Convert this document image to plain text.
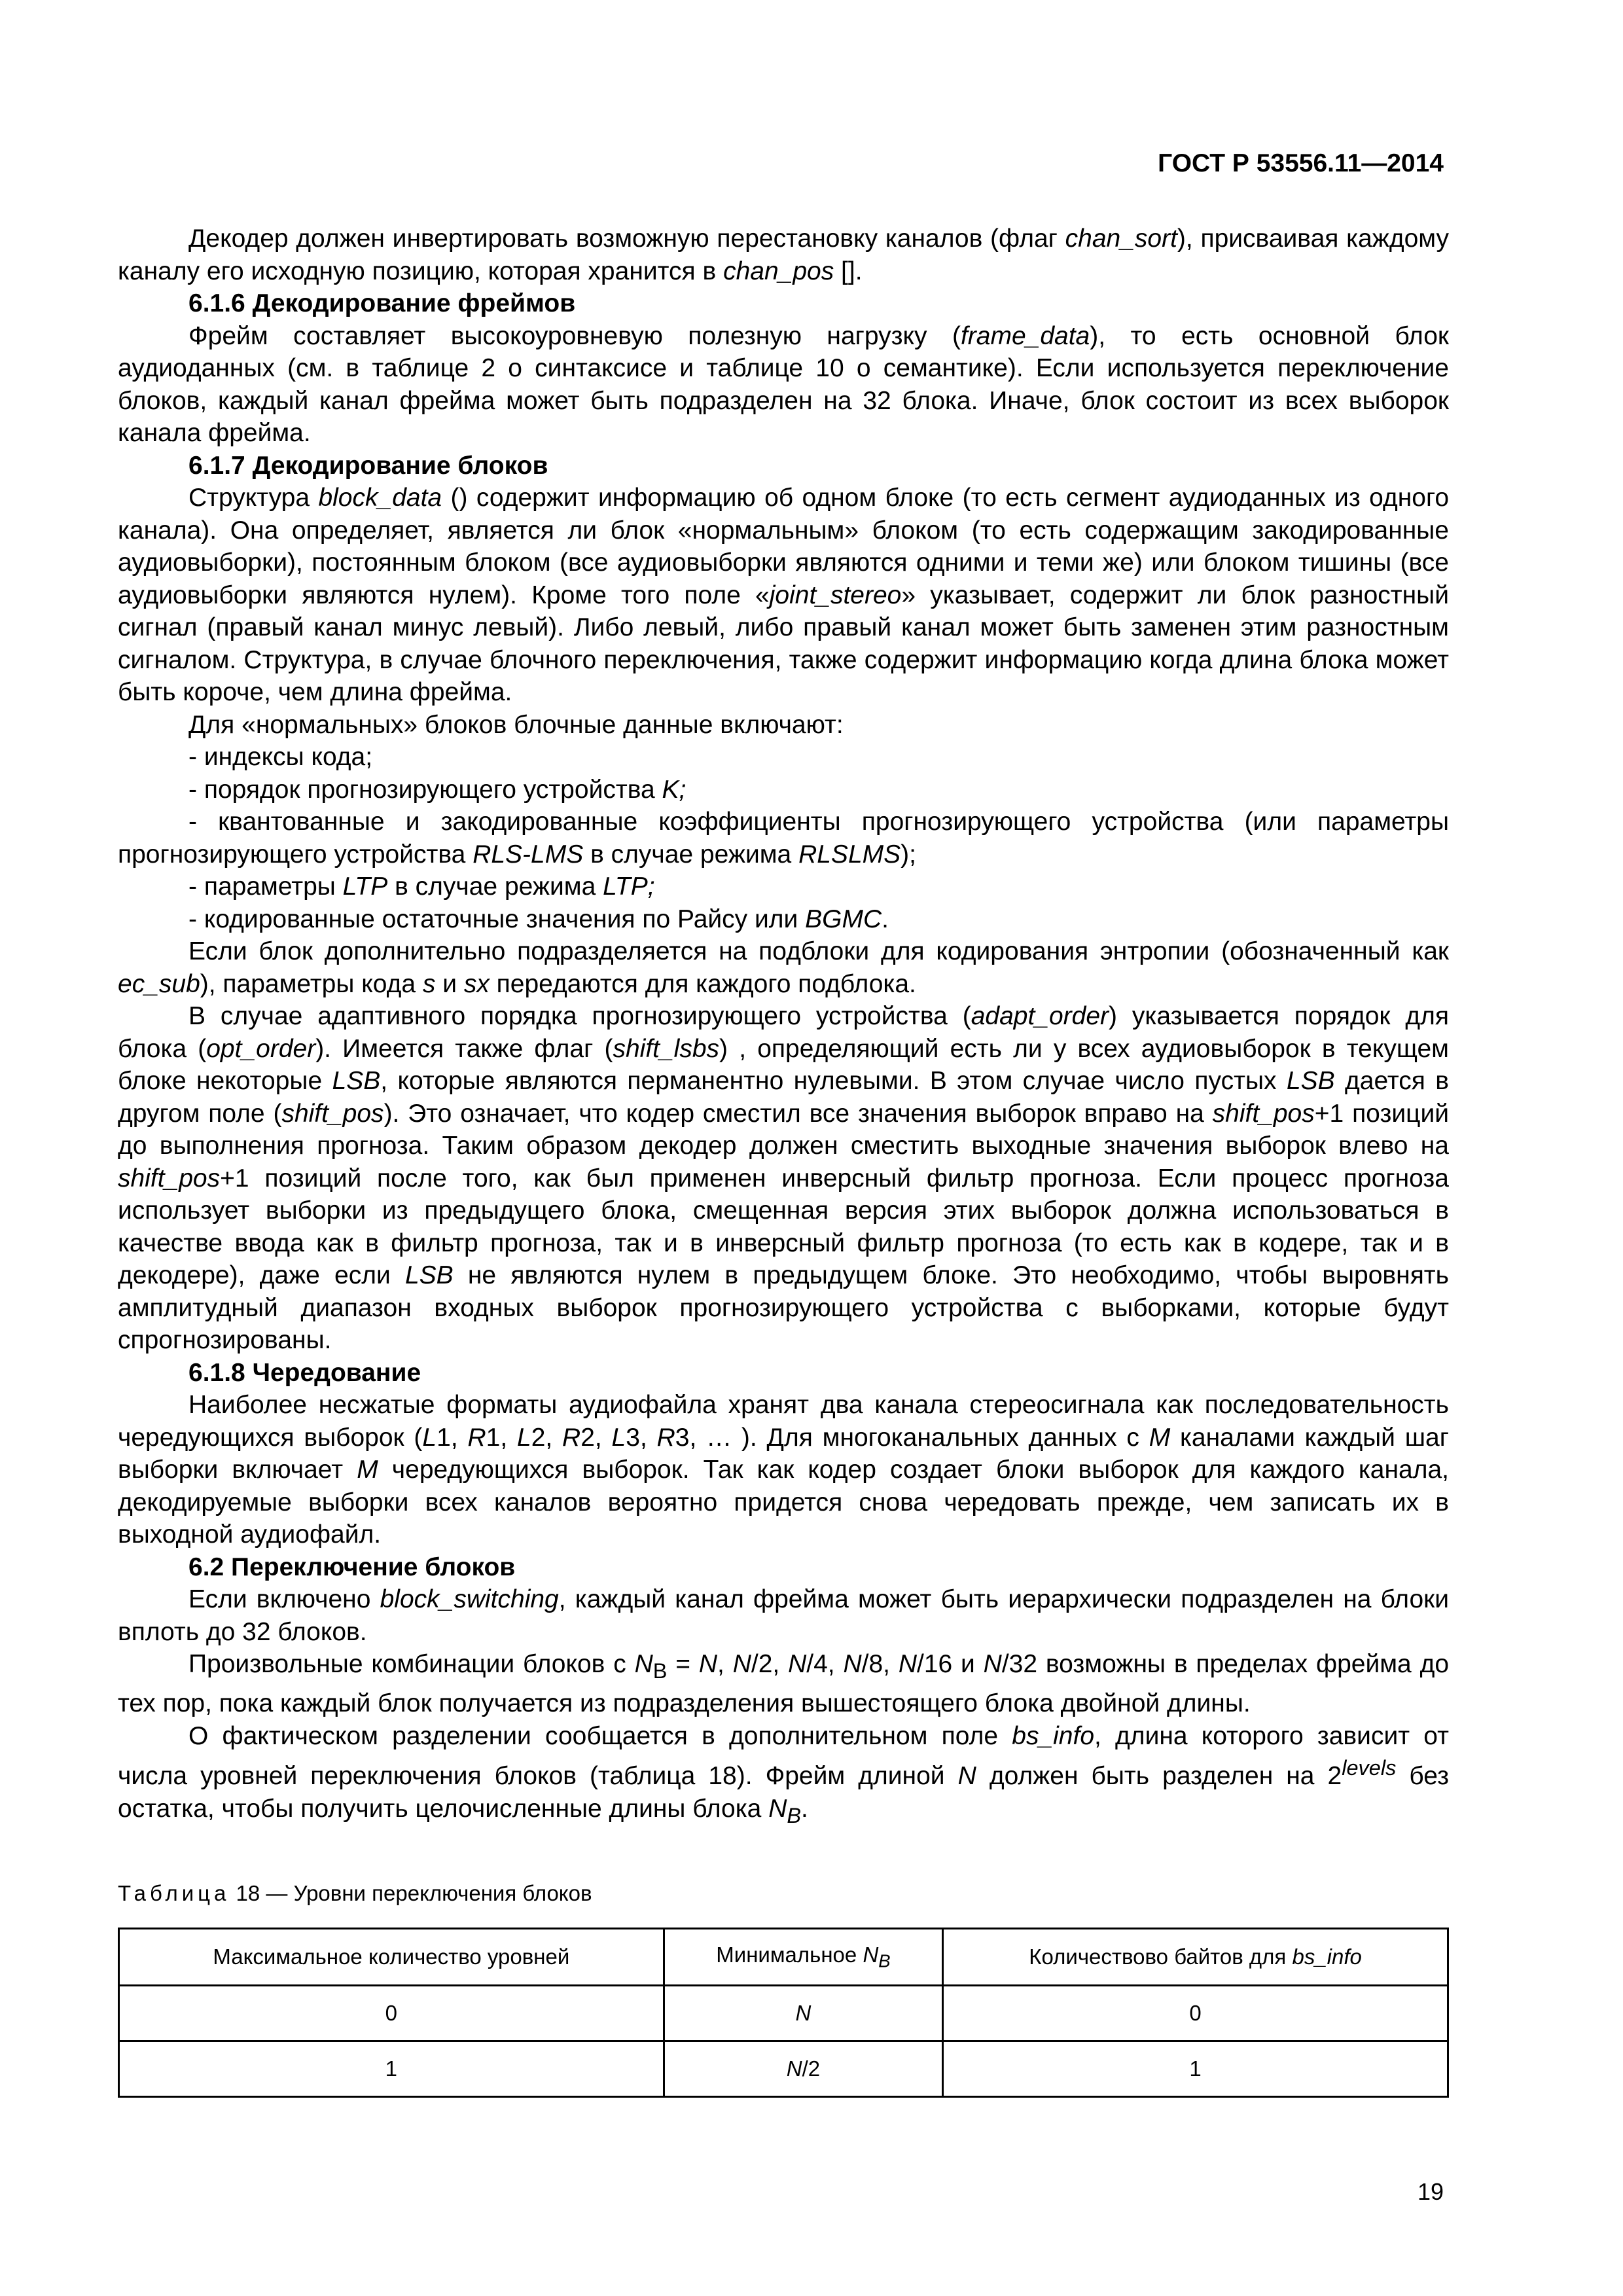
ГОСТ Р 53556.11—2014

Декодер должен инвертировать возможную перестановку каналов (флаг chan_sort), присваивая каждому каналу его исходную позицию, которая хранится в chan_pos [].

6.1.6 Декодирование фреймов

Фрейм составляет высокоуровневую полезную нагрузку (frame_data), то есть основной блок аудиоданных (см. в таблице 2 о синтаксисе и таблице 10 о семантике). Если используется переключение блоков, каждый канал фрейма может быть подразделен на 32 блока. Иначе, блок состоит из всех выборок канала фрейма.

6.1.7 Декодирование блоков

Структура block_data () содержит информацию об одном блоке (то есть сегмент аудиоданных из одного канала). Она определяет, является ли блок «нормальным» блоком (то есть содержащим закодированные аудиовыборки), постоянным блоком (все аудиовыборки являются одними и теми же) или блоком тишины (все аудиовыборки являются нулем). Кроме того поле «joint_stereo» указывает, содержит ли блок разностный сигнал (правый канал минус левый). Либо левый, либо правый канал может быть заменен этим разностным сигналом. Структура, в случае блочного переключения, также содержит информацию когда длина блока может быть короче, чем длина фрейма.

Для «нормальных» блоков блочные данные включают:

- индексы кода;

- порядок прогнозирующего устройства K;

- квантованные и закодированные коэффициенты прогнозирующего устройства (или параметры прогнозирующего устройства RLS-LMS в случае режима RLSLMS);

- параметры LTP в случае режима LTP;

- кодированные остаточные значения по Райсу или BGMC.

Если блок дополнительно подразделяется на подблоки для кодирования энтропии (обозначенный как ec_sub), параметры кода s и sx передаются для каждого подблока.

В случае адаптивного порядка прогнозирующего устройства (adapt_order) указывается порядок для блока (opt_order). Имеется также флаг (shift_lsbs) , определяющий есть ли у всех аудиовыборок в текущем блоке некоторые LSB, которые являются перманентно нулевыми. В этом случае число пустых LSB дается в другом поле (shift_pos). Это означает, что кодер сместил все значения выборок вправо на shift_pos+1 позиций до выполнения прогноза. Таким образом декодер должен сместить выходные значения выборок влево на shift_pos+1 позиций после того, как был применен инверсный фильтр прогноза. Если процесс прогноза использует выборки из предыдущего блока, смещенная версия этих выборок должна использоваться в качестве ввода как в фильтр прогноза, так и в инверсный фильтр прогноза (то есть как в кодере, так и в декодере), даже если LSB не являются нулем в предыдущем блоке. Это необходимо, чтобы выровнять амплитудный диапазон входных выборок прогнозирующего устройства с выборками, которые будут спрогнозированы.

6.1.8 Чередование

Наиболее несжатые форматы аудиофайла хранят два канала стереосигнала как последовательность чередующихся выборок (L1, R1, L2, R2, L3, R3, … ). Для многоканальных данных с M каналами каждый шаг выборки включает M чередующихся выборок. Так как кодер создает блоки выборок для каждого канала, декодируемые выборки всех каналов вероятно придется снова чередовать прежде, чем записать их в выходной аудиофайл.

6.2 Переключение блоков

Если включено block_switching, каждый канал фрейма может быть иерархически подразделен на блоки вплоть до 32 блоков.

Произвольные комбинации блоков с $N_B = N$, N/2, N/4, N/8, N/16 и N/32 возможны в пределах фрейма до тех пор, пока каждый блок получается из подразделения вышестоящего блока двойной длины.

О фактическом разделении сообщается в дополнительном поле bs_info, длина которого зависит от числа уровней переключения блоков (таблица 18). Фрейм длиной N должен быть разделен на $2^{levels}$ без остатка, чтобы получить целочисленные длины блока $N_B$.

Таблица 18 — Уровни переключения блоков
Максимальное количество уровней	Минимальное $N_B$	Количествово байтов для bs_info
0	N	0
1	N/2	1
19
